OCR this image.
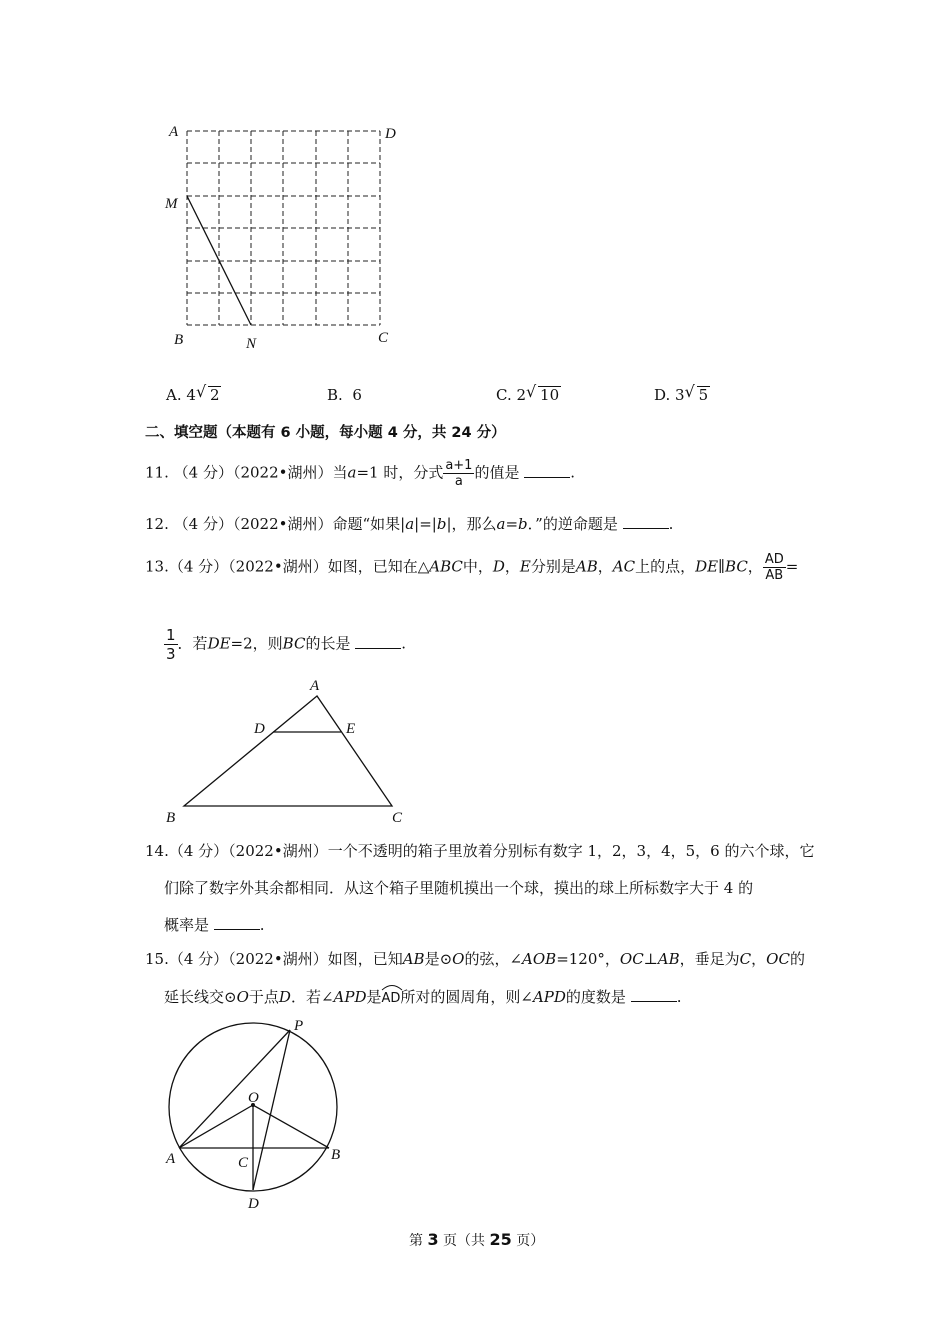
A	D
M
B	N	C
A. 4 √ 2	B. 6	C. 2 √ 10	D. 3 √ 5
二、填空题（本题有 6 小题，每小题 4 分，共 24 分）
11. （4 分）（2022•湖州）当a=1 时，分式 $\frac{a+1}{a}$ 的值是	.
12. （4 分）（2022•湖州）命题“如果|a|=|b|，那么a=b．”的逆命题是	.
13.（4 分）（2022•湖州）如图，已知在△ABC中，D，E分别是AB，AC上的点，DE∥BC， $\frac{AD}{AB}$ =
$\frac{1}{3}$ ．若DE=2，则BC的长是	.
A
D	E
B	C
14.（4 分）（2022•湖州）一个不透明的箱子里放着分别标有数字 1，2，3，4，5，6 的六个球，它
们除了数字外其余都相同．从这个箱子里随机摸出一个球，摸出的球上所标数字大于 4 的
概率是	.
15.（4 分）（2022•湖州）如图，已知AB是⊙O的弦，∠AOB=120°，OC⊥AB，垂足为C，OC的
延长线交⊙O于点D．若∠APD是
AD所对的圆周角，则∠APD的度数是	.
P
O
A	B
C
D
第 3 页（共 25 页）
